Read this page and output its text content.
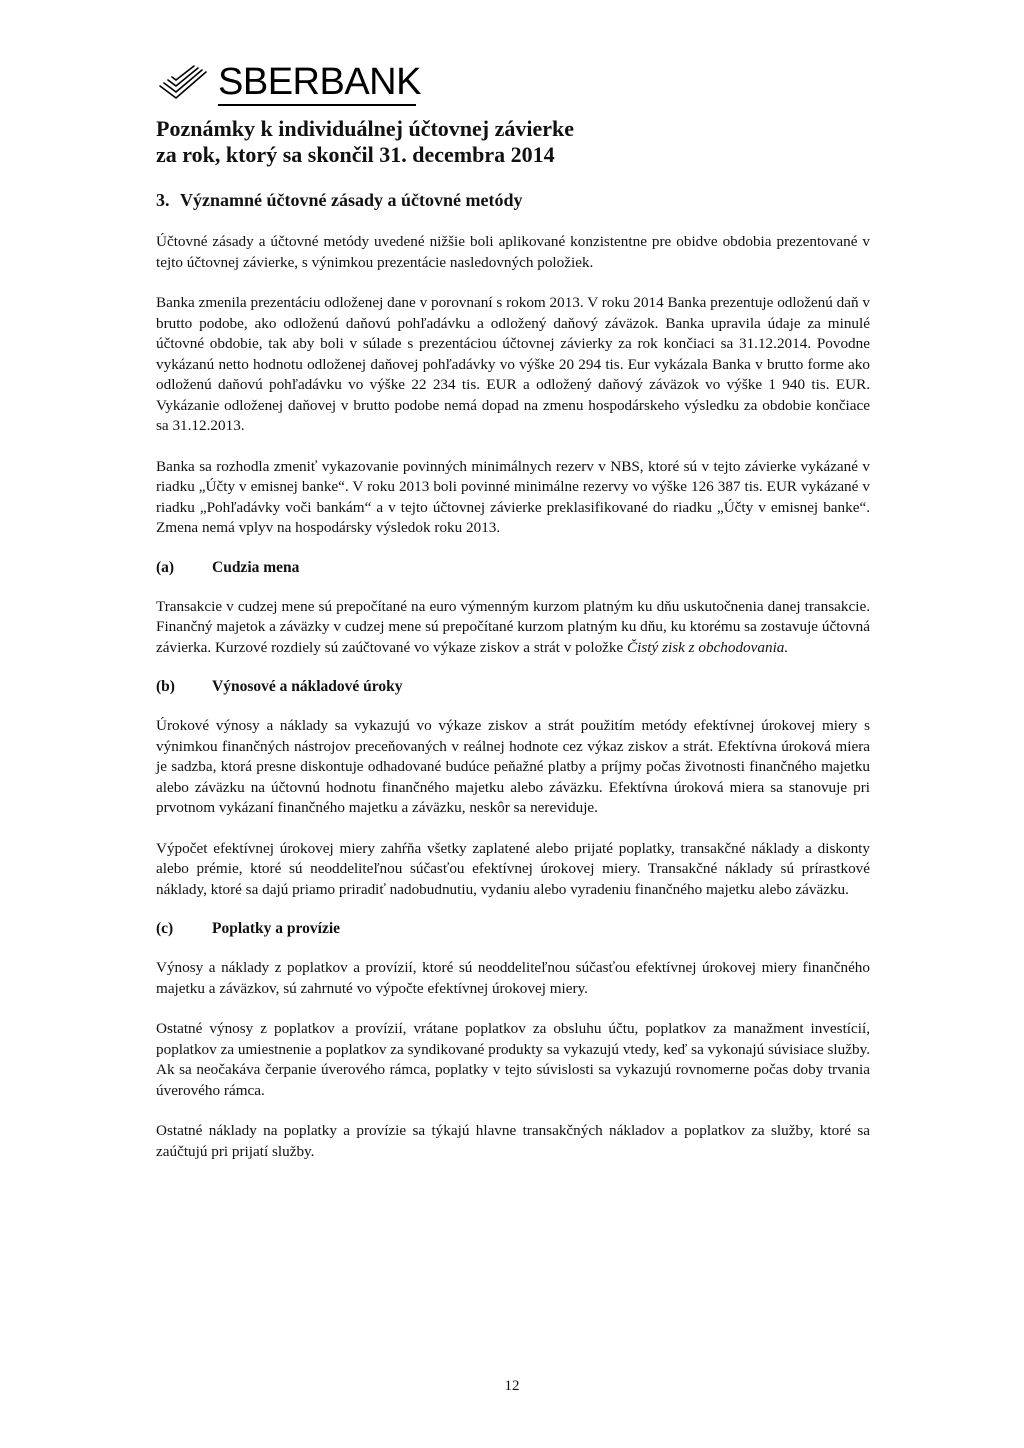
SBERBANK
Poznámky k individuálnej účtovnej závierke
za rok, ktorý sa skončil 31. decembra 2014
3. Významné účtovné zásady a účtovné metódy

Účtovné zásady a účtovné metódy uvedené nižšie boli aplikované konzistentne pre obidve obdobia prezentované v tejto účtovnej závierke, s výnimkou prezentácie nasledovných položiek.

Banka zmenila prezentáciu odloženej dane v porovnaní s rokom 2013. V roku 2014 Banka prezentuje odloženú daň v brutto podobe, ako odloženú daňovú pohľadávku a odložený daňový záväzok. Banka upravila údaje za minulé účtovné obdobie, tak aby boli v súlade s prezentáciou účtovnej závierky za rok končiaci sa 31.12.2014. Povodne vykázanú netto hodnotu odloženej daňovej pohľadávky vo výške 20 294 tis. Eur vykázala Banka v brutto forme ako odloženú daňovú pohľadávku vo výške 22 234 tis. EUR a odložený daňový záväzok vo výške 1 940 tis. EUR. Vykázanie odloženej daňovej v brutto podobe nemá dopad na zmenu hospodárskeho výsledku za obdobie končiace sa 31.12.2013.

Banka sa rozhodla zmeniť vykazovanie povinných minimálnych rezerv v NBS, ktoré sú v tejto závierke vykázané v riadku „Účty v emisnej banke“. V roku 2013 boli povinné minimálne rezervy vo výške 126 387 tis. EUR vykázané v riadku „Pohľadávky voči bankám“ a v tejto účtovnej závierke preklasifikované do riadku „Účty v emisnej banke“. Zmena nemá vplyv na hospodársky výsledok roku 2013.

(a)	Cudzia mena

Transakcie v cudzej mene sú prepočítané na euro výmenným kurzom platným ku dňu uskutočnenia danej transakcie. Finančný majetok a záväzky v cudzej mene sú prepočítané kurzom platným ku dňu, ku ktorému sa zostavuje účtovná závierka. Kurzové rozdiely sú zaúčtované vo výkaze ziskov a strát v položke Čistý zisk z obchodovania.

(b)	Výnosové a nákladové úroky

Úrokové výnosy a náklady sa vykazujú vo výkaze ziskov a strát použitím metódy efektívnej úrokovej miery s výnimkou finančných nástrojov preceňovaných v reálnej hodnote cez výkaz ziskov a strát. Efektívna úroková miera je sadzba, ktorá presne diskontuje odhadované budúce peňažné platby a príjmy počas životnosti finančného majetku alebo záväzku na účtovnú hodnotu finančného majetku alebo záväzku. Efektívna úroková miera sa stanovuje pri prvotnom vykázaní finančného majetku a záväzku, neskôr sa nereviduje.

Výpočet efektívnej úrokovej miery zahŕňa všetky zaplatené alebo prijaté poplatky, transakčné náklady a diskonty alebo prémie, ktoré sú neoddeliteľnou súčasťou efektívnej úrokovej miery. Transakčné náklady sú prírastkové náklady, ktoré sa dajú priamo priradiť nadobudnutiu, vydaniu alebo vyradeniu finančného majetku alebo záväzku.

(c)	Poplatky a provízie

Výnosy a náklady z poplatkov a provízií, ktoré sú neoddeliteľnou súčasťou efektívnej úrokovej miery finančného majetku a záväzkov, sú zahrnuté vo výpočte efektívnej úrokovej miery.

Ostatné výnosy z poplatkov a provízií, vrátane poplatkov za obsluhu účtu, poplatkov za manažment investícií, poplatkov za umiestnenie a poplatkov za syndikované produkty sa vykazujú vtedy, keď sa vykonajú súvisiace služby. Ak sa neočakáva čerpanie úverového rámca, poplatky v tejto súvislosti sa vykazujú rovnomerne počas doby trvania úverového rámca.

Ostatné náklady na poplatky a provízie sa týkajú hlavne transakčných nákladov a poplatkov za služby, ktoré sa zaúčtujú pri prijatí služby.

12
